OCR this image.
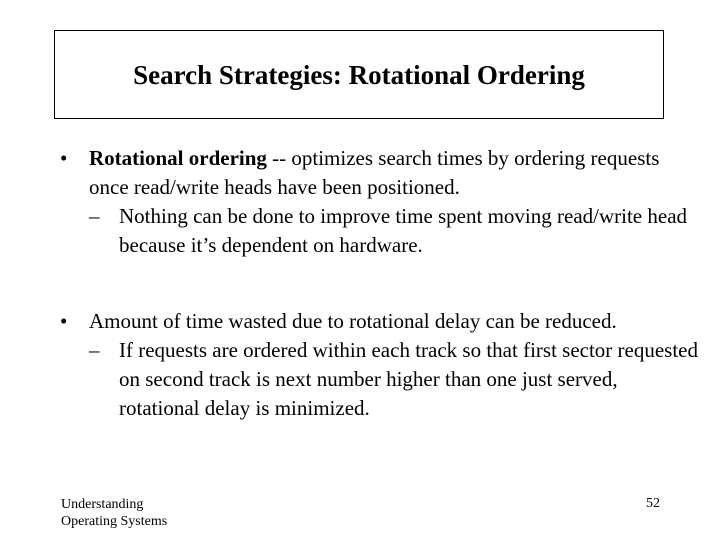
Search Strategies: Rotational Ordering
• Rotational ordering -- optimizes search times by ordering requests once read/write heads have been positioned.
– Nothing can be done to improve time spent moving read/write head because it’s dependent on hardware.
• Amount of time wasted due to rotational delay can be reduced.
– If requests are ordered within each track so that first sector requested on second track is next number higher than one just served, rotational delay is minimized.
Understanding
Operating Systems
52
